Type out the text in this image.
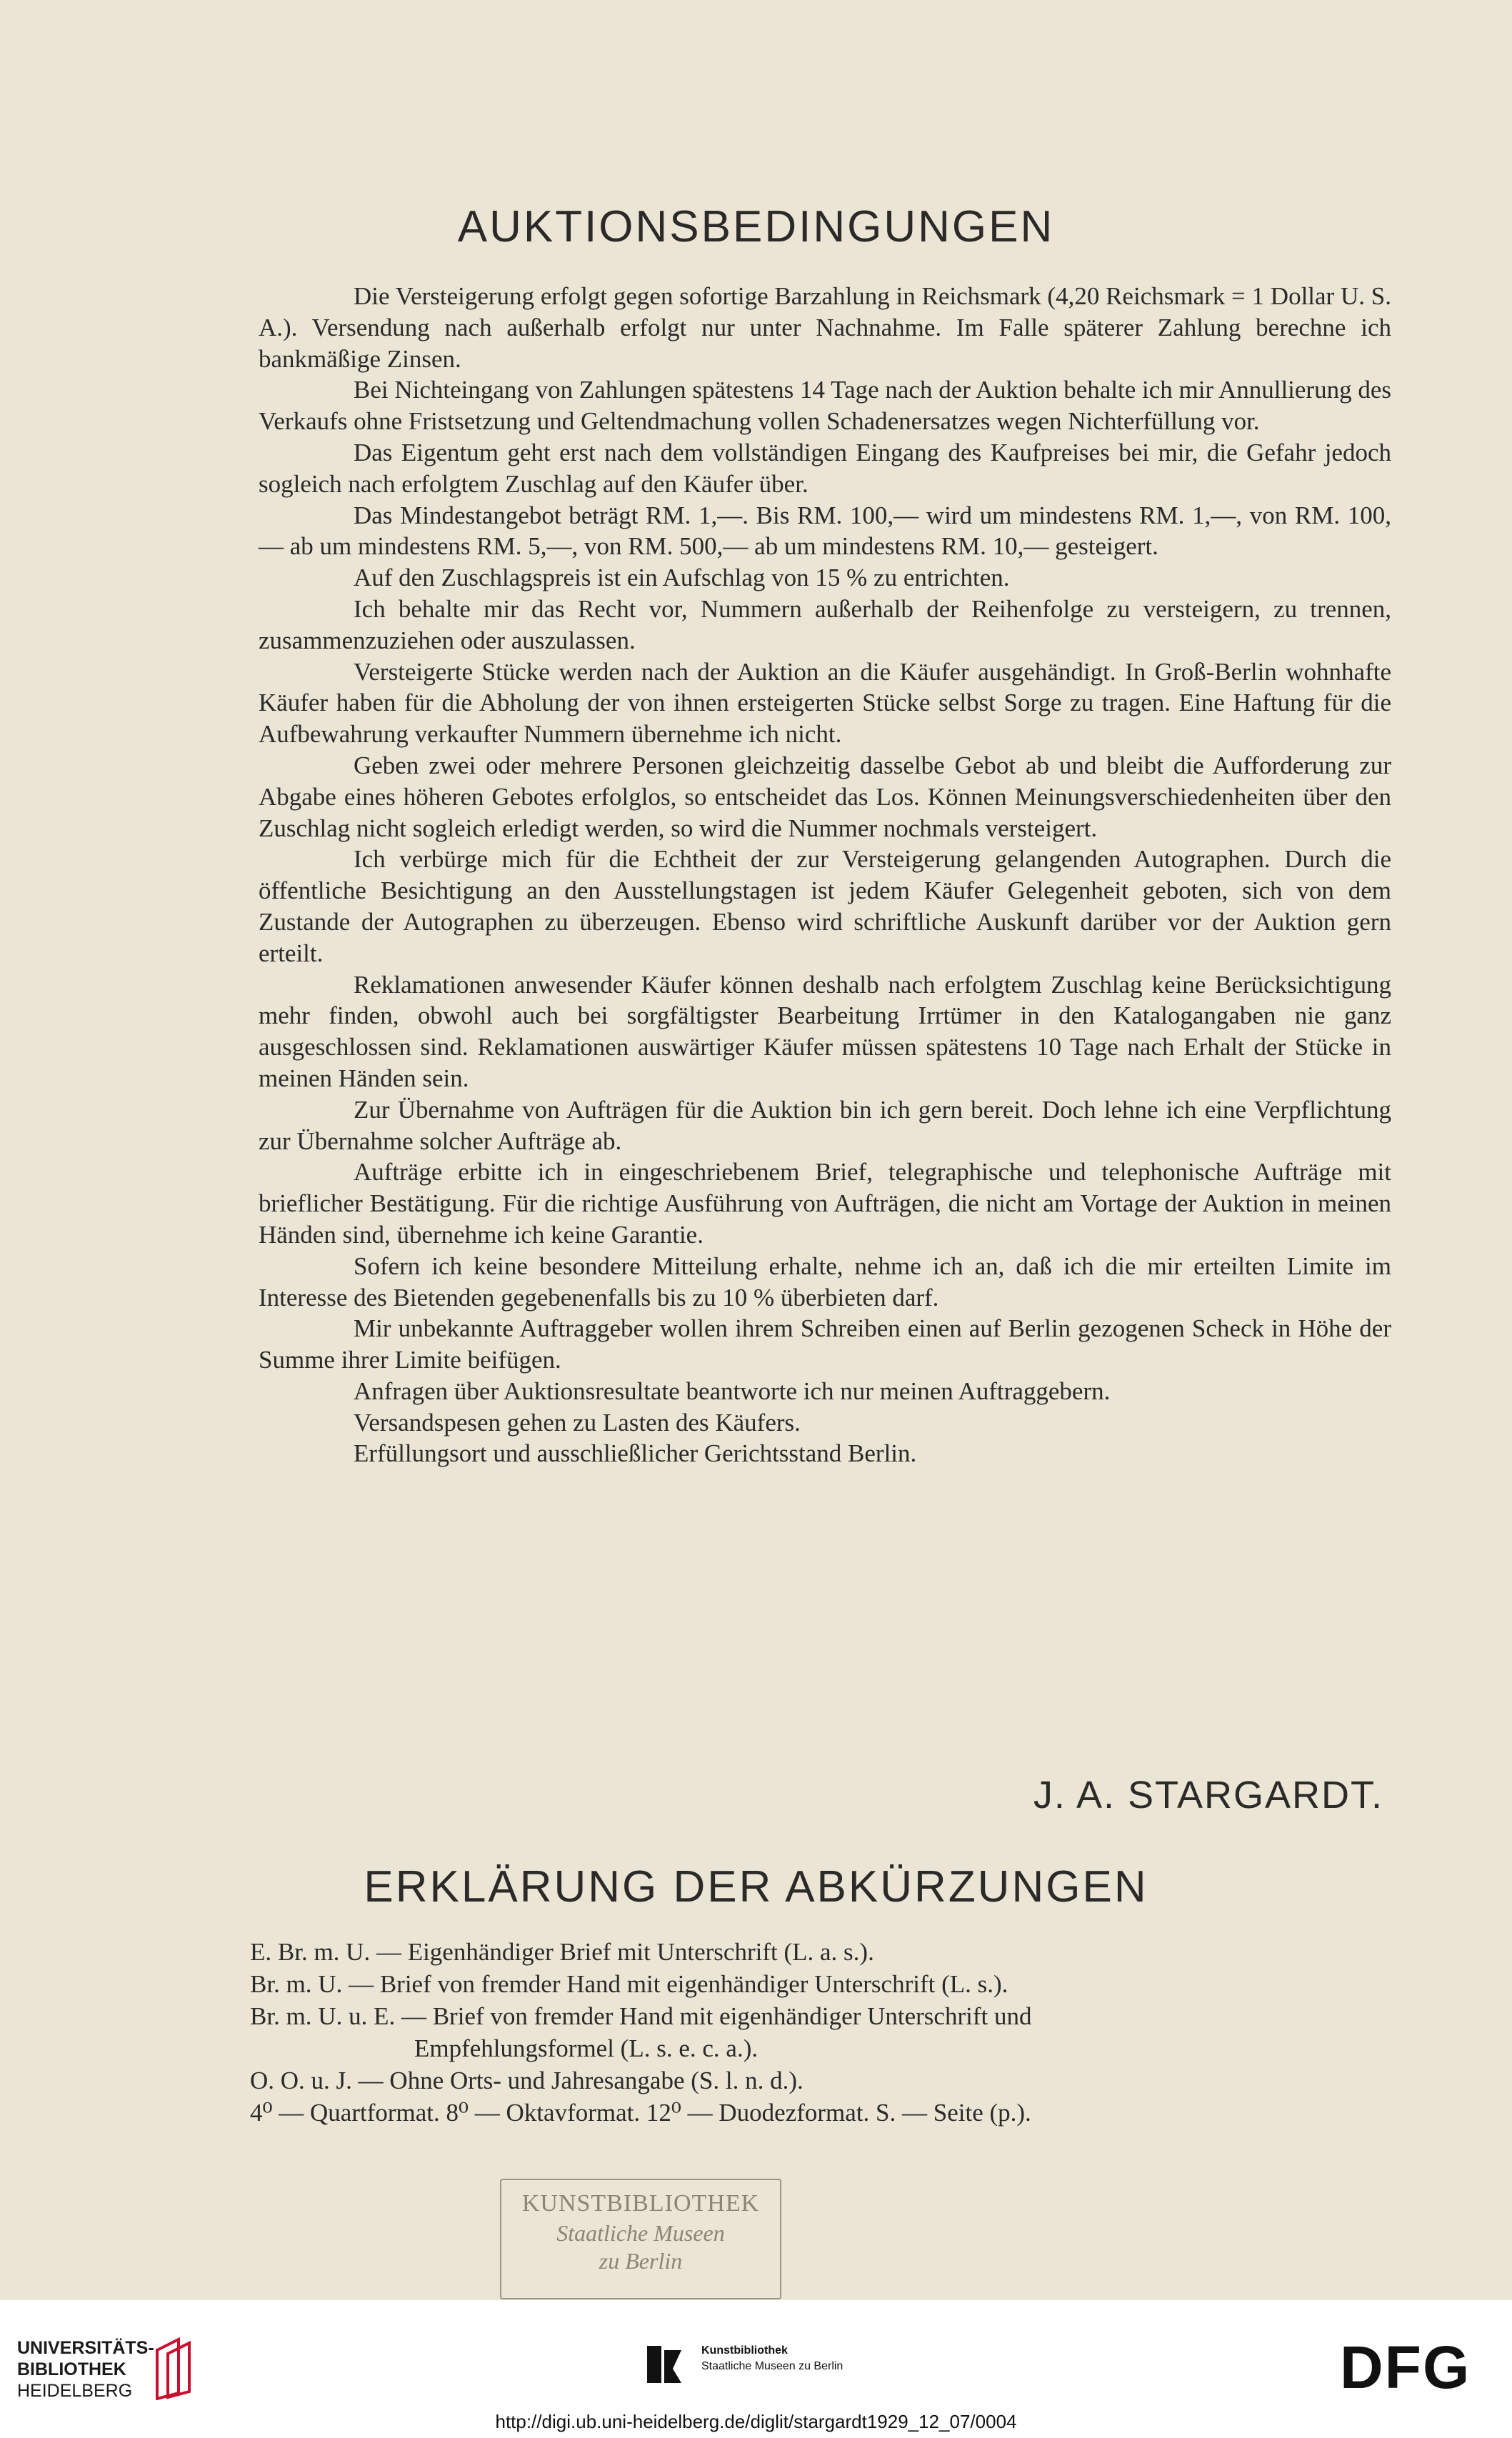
AUKTIONSBEDINGUNGEN

Die Versteigerung erfolgt gegen sofortige Barzahlung in Reichsmark (4,20 Reichsmark = 1 Dollar U. S. A.). Versendung nach außerhalb erfolgt nur unter Nachnahme. Im Falle späterer Zahlung berechne ich bankmäßige Zinsen.

Bei Nichteingang von Zahlungen spätestens 14 Tage nach der Auktion behalte ich mir Annullierung des Verkaufs ohne Fristsetzung und Geltendmachung vollen Schadenersatzes wegen Nichterfüllung vor.

Das Eigentum geht erst nach dem vollständigen Eingang des Kaufpreises bei mir, die Gefahr jedoch sogleich nach erfolgtem Zuschlag auf den Käufer über.

Das Mindestangebot beträgt RM. 1,—. Bis RM. 100,— wird um mindestens RM. 1,—, von RM. 100,— ab um mindestens RM. 5,—, von RM. 500,— ab um mindestens RM. 10,— gesteigert.

Auf den Zuschlagspreis ist ein Aufschlag von 15 % zu entrichten.

Ich behalte mir das Recht vor, Nummern außerhalb der Reihenfolge zu versteigern, zu trennen, zusammenzuziehen oder auszulassen.

Versteigerte Stücke werden nach der Auktion an die Käufer ausgehändigt. In Groß-Berlin wohnhafte Käufer haben für die Abholung der von ihnen ersteigerten Stücke selbst Sorge zu tragen. Eine Haftung für die Aufbewahrung verkaufter Nummern übernehme ich nicht.

Geben zwei oder mehrere Personen gleichzeitig dasselbe Gebot ab und bleibt die Aufforderung zur Abgabe eines höheren Gebotes erfolglos, so entscheidet das Los. Können Meinungsverschiedenheiten über den Zuschlag nicht sogleich erledigt werden, so wird die Nummer nochmals versteigert.

Ich verbürge mich für die Echtheit der zur Versteigerung gelangenden Autographen. Durch die öffentliche Besichtigung an den Ausstellungstagen ist jedem Käufer Gelegenheit geboten, sich von dem Zustande der Autographen zu überzeugen. Ebenso wird schriftliche Auskunft darüber vor der Auktion gern erteilt.

Reklamationen anwesender Käufer können deshalb nach erfolgtem Zuschlag keine Berücksichtigung mehr finden, obwohl auch bei sorgfältigster Bearbeitung Irrtümer in den Katalogangaben nie ganz ausgeschlossen sind. Reklamationen auswärtiger Käufer müssen spätestens 10 Tage nach Erhalt der Stücke in meinen Händen sein.

Zur Übernahme von Aufträgen für die Auktion bin ich gern bereit. Doch lehne ich eine Verpflichtung zur Übernahme solcher Aufträge ab.

Aufträge erbitte ich in eingeschriebenem Brief, telegraphische und telephonische Aufträge mit brieflicher Bestätigung. Für die richtige Ausführung von Aufträgen, die nicht am Vortage der Auktion in meinen Händen sind, übernehme ich keine Garantie.

Sofern ich keine besondere Mitteilung erhalte, nehme ich an, daß ich die mir erteilten Limite im Interesse des Bietenden gegebenenfalls bis zu 10 % überbieten darf.

Mir unbekannte Auftraggeber wollen ihrem Schreiben einen auf Berlin gezogenen Scheck in Höhe der Summe ihrer Limite beifügen.

Anfragen über Auktionsresultate beantworte ich nur meinen Auftraggebern.

Versandspesen gehen zu Lasten des Käufers.

Erfüllungsort und ausschließlicher Gerichtsstand Berlin.

J. A. STARGARDT.
ERKLÄRUNG DER ABKÜRZUNGEN
E. Br. m. U. — Eigenhändiger Brief mit Unterschrift (L. a. s.).
Br. m. U. — Brief von fremder Hand mit eigenhändiger Unterschrift (L. s.).
Br. m. U. u. E. — Brief von fremder Hand mit eigenhändiger Unterschrift und
Empfehlungsformel (L. s. e. c. a.).
O. O. u. J. — Ohne Orts- und Jahresangabe (S. l. n. d.).
4⁰ — Quartformat. 8⁰ — Oktavformat. 12⁰ — Duodezformat. S. — Seite (p.).
KUNSTBIBLIOTHEK
Staatliche Museen
zu Berlin
UNIVERSITÄTS-
BIBLIOTHEK
HEIDELBERG
Kunstbibliothek
Staatliche Museen zu Berlin	DFG
http://digi.ub.uni-heidelberg.de/diglit/stargardt1929_12_07/0004
